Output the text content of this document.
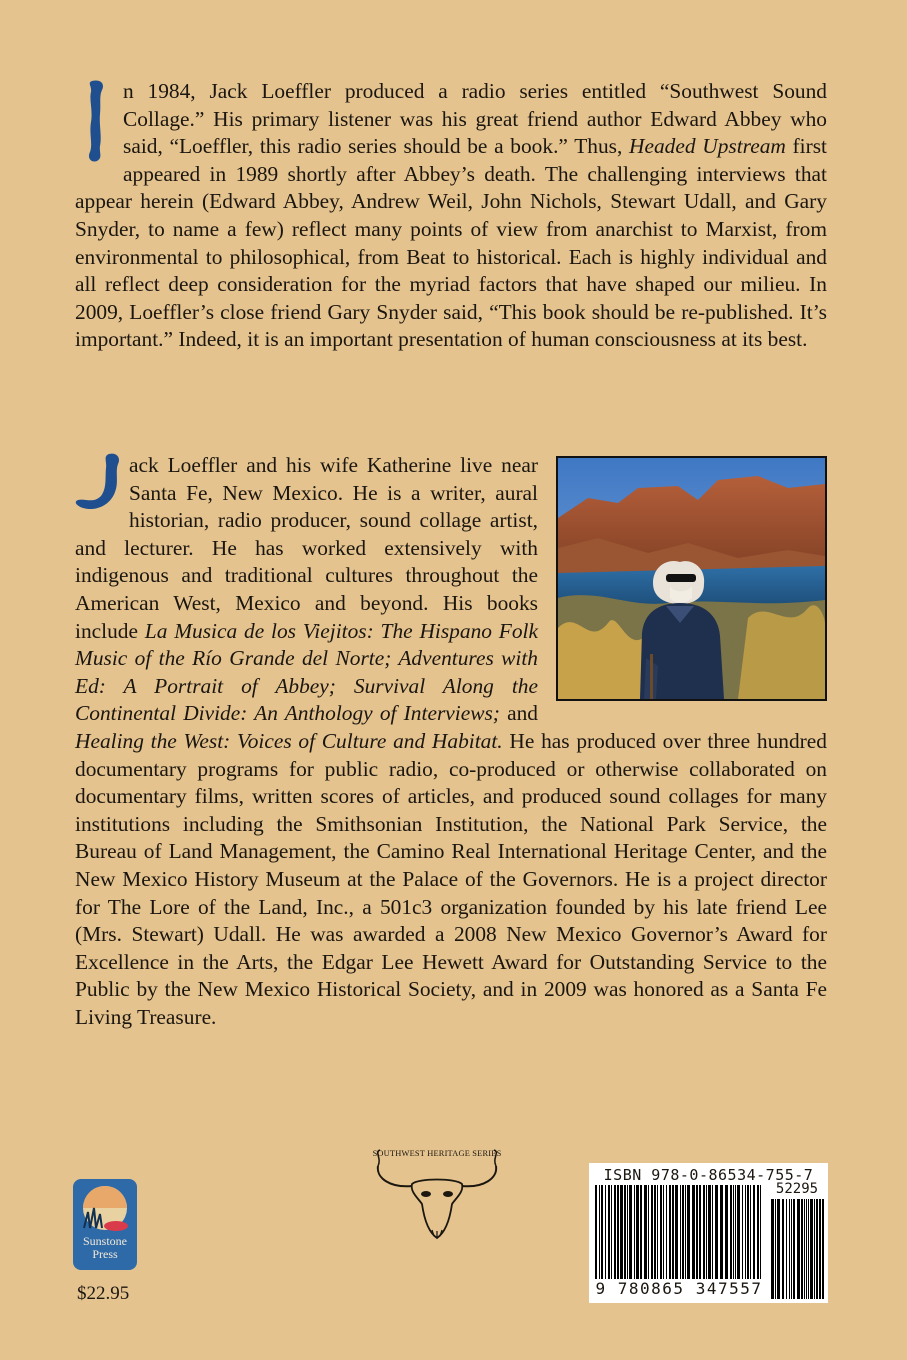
I
n 1984, Jack Loeffler produced a radio series entitled “Southwest Sound Collage.” His primary listener was his great friend author Edward Abbey who said, “Loeffler, this radio series should be a book.” Thus, Headed Upstream first appeared in 1989 shortly after Abbey’s death. The challenging interviews that appear herein (Edward Abbey, Andrew Weil, John Nichols, Stewart Udall, and Gary Snyder, to name a few) reflect many points of view from anarchist to Marxist, from environmental to philosophical, from Beat to historical. Each is highly individual and all reflect deep consideration for the myriad factors that have shaped our milieu. In 2009, Loeffler’s close friend Gary Snyder said, “This book should be re-published. It’s important.” Indeed, it is an important presentation of human consciousness at its best.

J
ack Loeffler and his wife Katherine live near Santa Fe, New Mexico. He is a writer, aural historian, radio producer, sound collage artist, and lecturer. He has worked extensively with indigenous and traditional cultures throughout the American West, Mexico and beyond. His books include La Musica de los Viejitos: The Hispano Folk Music of the Río Grande del Norte; Adventures with Ed: A Portrait of Abbey; Survival Along the Continental Divide: An Anthology of Interviews; and Healing the West: Voices of Culture and Habitat. He has produced over three hundred documentary programs for public radio, co-produced or otherwise collaborated on documentary films, written scores of articles, and produced sound collages for many institutions including the Smithsonian Institution, the National Park Service, the Bureau of Land Management, the Camino Real International Heritage Center, and the New Mexico History Museum at the Palace of the Governors. He is a project director for The Lore of the Land, Inc., a 501c3 organization founded by his late friend Lee (Mrs. Stewart) Udall. He was awarded a 2008 New Mexico Governor’s Award for Excellence in the Arts, the Edgar Lee Hewett Award for Outstanding Service to the Public by the New Mexico Historical Society, and in 2009 was honored as a Santa Fe Living Treasure.

SOUTHWEST HERITAGE SERIES
Sunstone
Press
$22.95
ISBN 978-0-86534-755-7
52295
9 780865 347557
